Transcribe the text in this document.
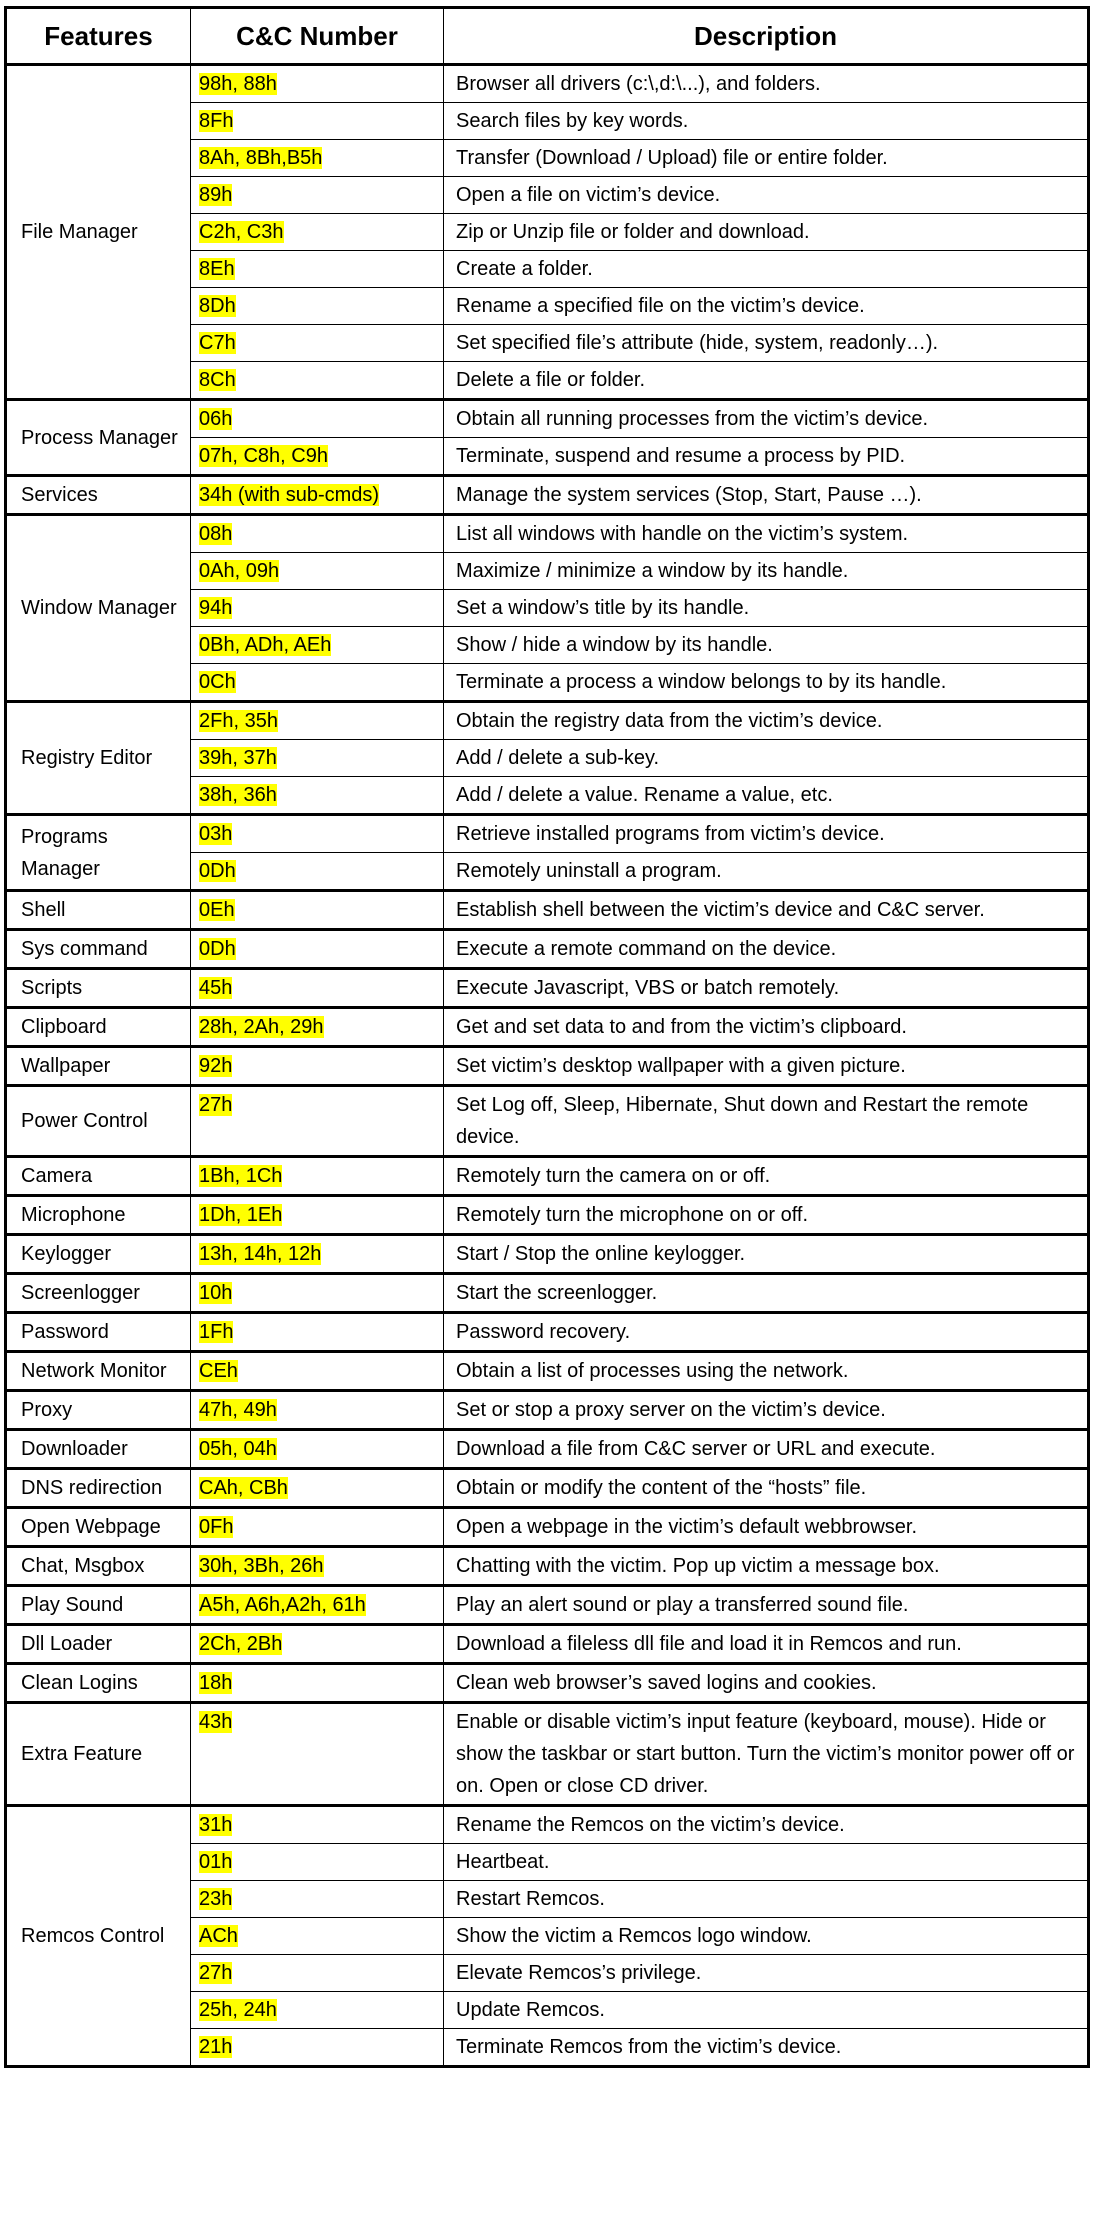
Features	C&C Number	Description
File Manager	98h, 88h	Browser all drivers (c:\,d:\...), and folders.
	8Fh	Search files by key words.
	8Ah, 8Bh,B5h	Transfer (Download / Upload) file or entire folder.
	89h	Open a file on victim’s device.
	C2h, C3h	Zip or Unzip file or folder and download.
	8Eh	Create a folder.
	8Dh	Rename a specified file on the victim’s device.
	C7h	Set specified file’s attribute (hide, system, readonly…).
	8Ch	Delete a file or folder.
Process Manager	06h	Obtain all running processes from the victim’s device.
	07h, C8h, C9h	Terminate, suspend and resume a process by PID.
Services	34h (with sub-cmds)	Manage the system services (Stop, Start, Pause …).
Window Manager	08h	List all windows with handle on the victim’s system.
	0Ah, 09h	Maximize / minimize a window by its handle.
	94h	Set a window’s title by its handle.
	0Bh, ADh, AEh	Show / hide a window by its handle.
	0Ch	Terminate a process a window belongs to by its handle.
Registry Editor	2Fh, 35h	Obtain the registry data from the victim’s device.
	39h, 37h	Add / delete a sub-key.
	38h, 36h	Add / delete a value. Rename a value, etc.
Programs Manager	03h	Retrieve installed programs from victim’s device.
	0Dh	Remotely uninstall a program.
Shell	0Eh	Establish shell between the victim’s device and C&C server.
Sys command	0Dh	Execute a remote command on the device.
Scripts	45h	Execute Javascript, VBS or batch remotely.
Clipboard	28h, 2Ah, 29h	Get and set data to and from the victim’s clipboard.
Wallpaper	92h	Set victim’s desktop wallpaper with a given picture.
Power Control	27h	Set Log off, Sleep, Hibernate, Shut down and Restart the remote device.
Camera	1Bh, 1Ch	Remotely turn the camera on or off.
Microphone	1Dh, 1Eh	Remotely turn the microphone on or off.
Keylogger	13h, 14h, 12h	Start / Stop the online keylogger.
Screenlogger	10h	Start the screenlogger.
Password	1Fh	Password recovery.
Network Monitor	CEh	Obtain a list of processes using the network.
Proxy	47h, 49h	Set or stop a proxy server on the victim’s device.
Downloader	05h, 04h	Download a file from C&C server or URL and execute.
DNS redirection	CAh, CBh	Obtain or modify the content of the “hosts” file.
Open Webpage	0Fh	Open a webpage in the victim’s default webbrowser.
Chat, Msgbox	30h, 3Bh, 26h	Chatting with the victim. Pop up victim a message box.
Play Sound	A5h, A6h,A2h, 61h	Play an alert sound or play a transferred sound file.
Dll Loader	2Ch, 2Bh	Download a fileless dll file and load it in Remcos and run.
Clean Logins	18h	Clean web browser’s saved logins and cookies.
Extra Feature	43h	Enable or disable victim’s input feature (keyboard, mouse). Hide or show the taskbar or start button. Turn the victim’s monitor power off or on. Open or close CD driver.
Remcos Control	31h	Rename the Remcos on the victim’s device.
	01h	Heartbeat.
	23h	Restart Remcos.
	ACh	Show the victim a Remcos logo window.
	27h	Elevate Remcos’s privilege.
	25h, 24h	Update Remcos.
	21h	Terminate Remcos from the victim’s device.
